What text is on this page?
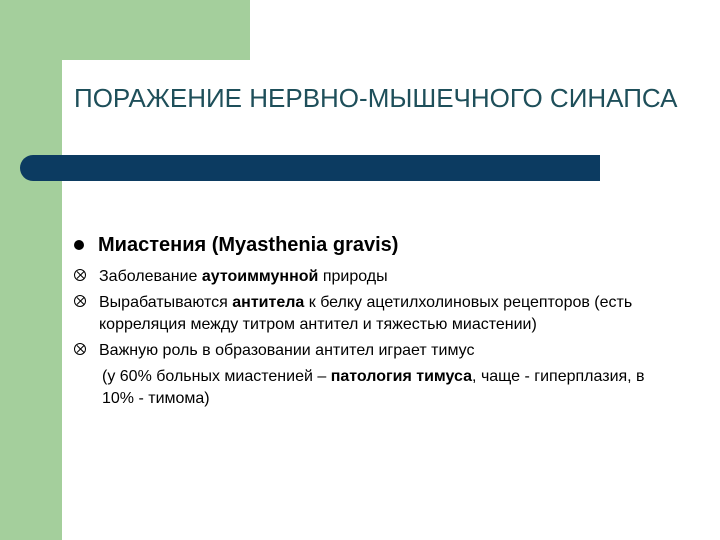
ПОРАЖЕНИЕ НЕРВНО-МЫШЕЧНОГО СИНАПСА
Миастения (Myasthenia gravis)
Заболевание аутоиммунной природы
Вырабатываются антитела к белку ацетилхолиновых рецепторов (есть корреляция между титром антител и тяжестью миастении)
Важную роль в образовании антител играет тимус
(у 60% больных миастенией – патология тимуса, чаще - гиперплазия, в 10% - тимома)
